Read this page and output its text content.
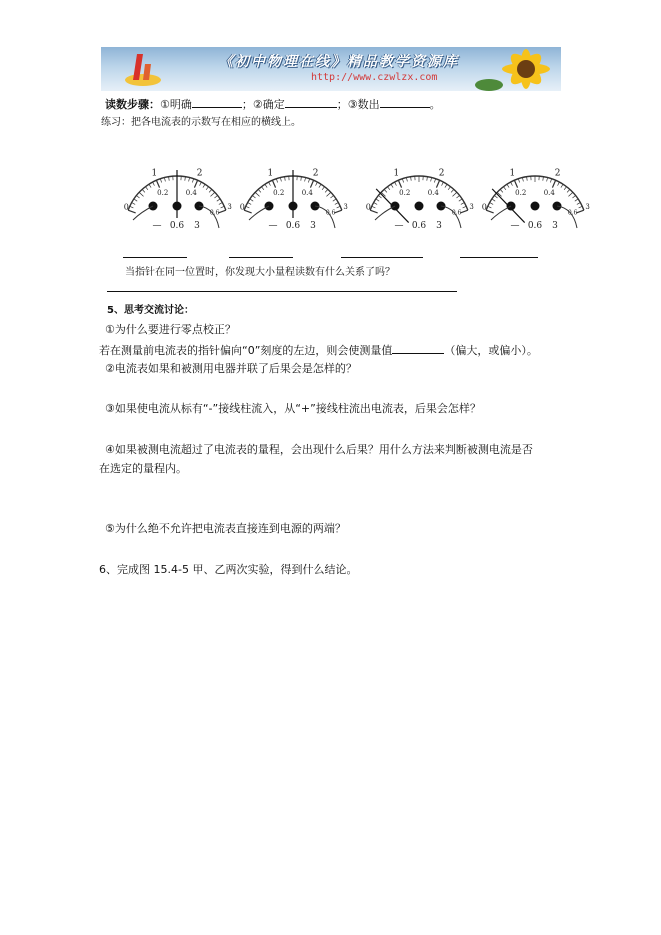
《初中物理在线》精品教学资源库
http://www.czwlzx.com
读数步骤：①明确	；②确定	；③数出	。
练习：把各电流表的示数写在相应的横线上。
0
1	2
3
0.2 0.4
0.6
— 0.6 3
0
1	2
3
0.2 0.4
0.6
— 0.6 3
0
1	2
3
0.2 0.4
0.6
— 0.6 3
0
1	2
3
0.2 0.4
0.6
— 0.6 3
当指针在同一位置时，你发现大小量程读数有什么关系了吗？
5、思考交流讨论：
①为什么要进行零点校正？
若在测量前电流表的指针偏向“0”刻度的左边，则会使测量值	（偏大，或偏小）。
②电流表如果和被测用电器并联了后果会是怎样的？
③如果使电流从标有“-”接线柱流入，从“+”接线柱流出电流表，后果会怎样？
④如果被测电流超过了电流表的量程，会出现什么后果？用什么方法来判断被测电流是否
在选定的量程内。
⑤为什么绝不允许把电流表直接连到电源的两端？
6、完成图 15.4-5 甲、乙两次实验，得到什么结论。
